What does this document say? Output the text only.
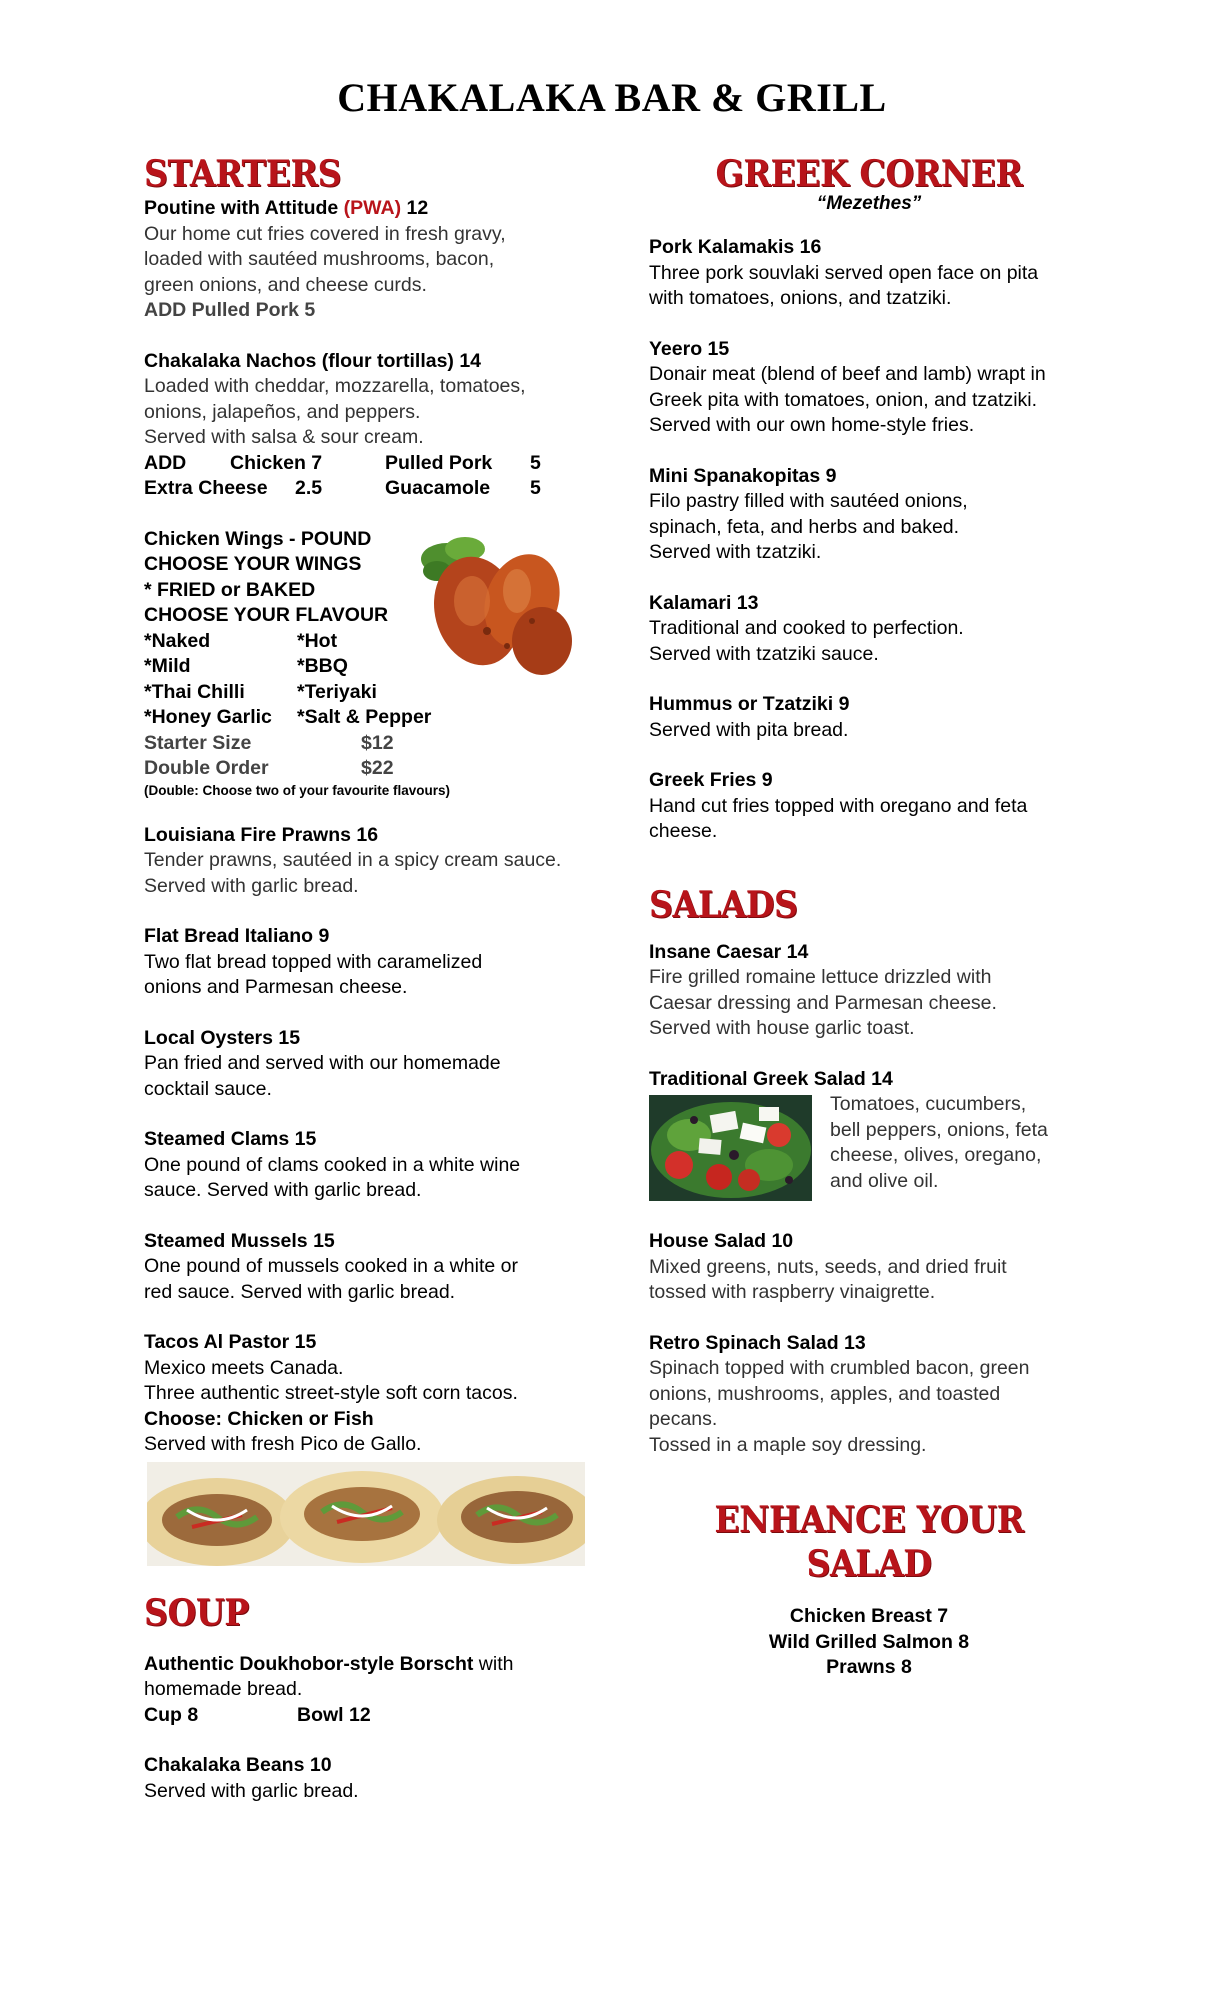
CHAKALAKA BAR & GRILL
STARTERS
Poutine with Attitude (PWA) 12
Our home cut fries covered in fresh gravy,
loaded with sautéed mushrooms, bacon,
green onions, and cheese curds.
ADD Pulled Pork 5
Chakalaka Nachos (flour tortillas) 14
Loaded with cheddar, mozzarella, tomatoes,
onions, jalapeños, and peppers.
Served with salsa & sour cream.
ADD	Chicken 7	Pulled Pork	5
Extra Cheese	2.5	Guacamole	5
Chicken Wings - POUND
CHOOSE YOUR WINGS
* FRIED or BAKED
CHOOSE YOUR FLAVOUR
*Naked	*Hot
*Mild	*BBQ
*Thai Chilli	*Teriyaki
*Honey Garlic	*Salt & Pepper
Starter Size	$12
Double Order	$22
(Double: Choose two of your favourite flavours)
Louisiana Fire Prawns 16
Tender prawns, sautéed in a spicy cream sauce.
Served with garlic bread.
Flat Bread Italiano 9
Two flat bread topped with caramelized
onions and Parmesan cheese.
Local Oysters 15
Pan fried and served with our homemade
cocktail sauce.
Steamed Clams 15
One pound of clams cooked in a white wine
sauce. Served with garlic bread.
Steamed Mussels 15
One pound of mussels cooked in a white or
red sauce. Served with garlic bread.
Tacos Al Pastor 15
Mexico meets Canada.
Three authentic street-style soft corn tacos.
Choose: Chicken or Fish
Served with fresh Pico de Gallo.
SOUP
Authentic Doukhobor-style Borscht with
homemade bread.
Cup 8	Bowl 12
Chakalaka Beans 10
Served with garlic bread.
GREEK CORNER
“Mezethes”
Pork Kalamakis 16
Three pork souvlaki served open face on pita
with tomatoes, onions, and tzatziki.
Yeero 15
Donair meat (blend of beef and lamb) wrapt in
Greek pita with tomatoes, onion, and tzatziki.
Served with our own home-style fries.
Mini Spanakopitas 9
Filo pastry filled with sautéed onions,
spinach, feta, and herbs and baked.
Served with tzatziki.
Kalamari 13
Traditional and cooked to perfection.
Served with tzatziki sauce.
Hummus or Tzatziki 9
Served with pita bread.
Greek Fries 9
Hand cut fries topped with oregano and feta
cheese.
SALADS
Insane Caesar 14
Fire grilled romaine lettuce drizzled with
Caesar dressing and Parmesan cheese.
Served with house garlic toast.
Traditional Greek Salad 14
Tomatoes, cucumbers,
bell peppers, onions, feta
cheese, olives, oregano,
and olive oil.
House Salad 10
Mixed greens, nuts, seeds, and dried fruit
tossed with raspberry vinaigrette.
Retro Spinach Salad 13
Spinach topped with crumbled bacon, green
onions, mushrooms, apples, and toasted
pecans.
Tossed in a maple soy dressing.
ENHANCE YOUR SALAD
Chicken Breast 7
Wild Grilled Salmon 8
Prawns 8
